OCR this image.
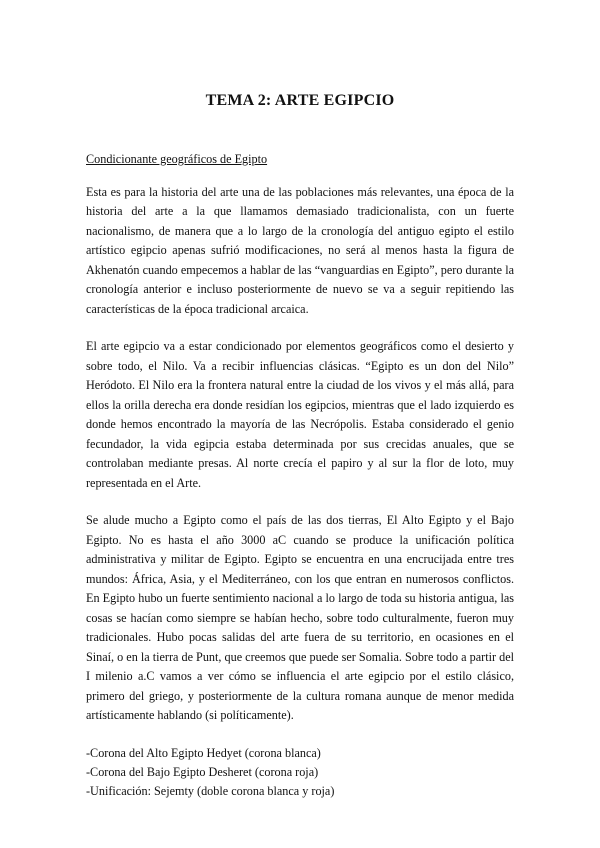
TEMA 2: ARTE EGIPCIO
Condicionante geográficos de Egipto

Esta es para la historia del arte una de las poblaciones más relevantes, una época de la historia del arte a la que llamamos demasiado tradicionalista, con un fuerte nacionalismo, de manera que a lo largo de la cronología del antiguo egipto el estilo artístico egipcio apenas sufrió modificaciones, no será al menos hasta la figura de Akhenatón cuando empecemos a hablar de las “vanguardias en Egipto”, pero durante la cronología anterior e incluso posteriormente de nuevo se va a seguir repitiendo las características de la época tradicional arcaica.

El arte egipcio va a estar condicionado por elementos geográficos como el desierto y sobre todo, el Nilo. Va a recibir influencias clásicas. “Egipto es un don del Nilo” Heródoto. El Nilo era la frontera natural entre la ciudad de los vivos y el más allá, para ellos la orilla derecha era donde residían los egipcios, mientras que el lado izquierdo es donde hemos encontrado la mayoría de las Necrópolis. Estaba considerado el genio fecundador, la vida egipcia estaba determinada por sus crecidas anuales, que se controlaban mediante presas. Al norte crecía el papiro y al sur la flor de loto, muy representada en el Arte.

Se alude mucho a Egipto como el país de las dos tierras, El Alto Egipto y el Bajo Egipto. No es hasta el año 3000 aC cuando se produce la unificación política administrativa y militar de Egipto. Egipto se encuentra en una encrucijada entre tres mundos: África, Asia, y el Mediterráneo, con los que entran en numerosos conflictos. En Egipto hubo un fuerte sentimiento nacional a lo largo de toda su historia antigua, las cosas se hacían como siempre se habían hecho, sobre todo culturalmente, fueron muy tradicionales. Hubo pocas salidas del arte fuera de su territorio, en ocasiones en el Sinaí, o en la tierra de Punt, que creemos que puede ser Somalia. Sobre todo a partir del I milenio a.C vamos a ver cómo se influencia el arte egipcio por el estilo clásico, primero del griego, y posteriormente de la cultura romana aunque de menor medida artísticamente hablando (si políticamente).

-Corona del Alto Egipto Hedyet (corona blanca)
-Corona del Bajo Egipto Desheret (corona roja)
-Unificación: Sejemty (doble corona blanca y roja)
